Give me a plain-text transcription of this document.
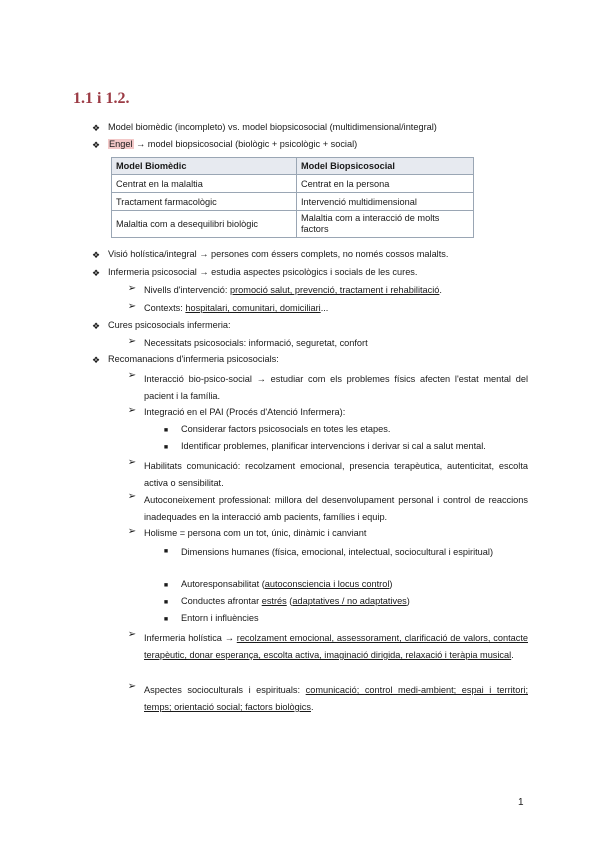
1.1 i 1.2.
❖ Model biomèdic (incompleto) vs. model biopsicosocial (multidimensional/integral)
❖ Engel → model biopsicosocial (biològic + psicològic + social)
Model Biomèdic	Model Biopsicosocial
Centrat en la malaltia	Centrat en la persona
Tractament farmacològic	Intervenció multidimensional
Malaltia com a desequilibri biològic	Malaltia com a interacció de molts factors
❖ Visió holística/integral → persones com éssers complets, no només cossos malalts.
❖ Infermeria psicosocial → estudia aspectes psicològics i socials de les cures.
➢ Nivells d'intervenció: promoció salut, prevenció, tractament i rehabilitació.
➢ Contexts: hospitalari, comunitari, domiciliari...
❖ Cures psicosocials infermeria:
➢ Necessitats psicosocials: informació, seguretat, confort
❖ Recomanacions d'infermeria psicosocials:
➢ Interacció bio-psico-social → estudiar com els problemes físics afecten l'estat mental del pacient i la família.
➢ Integració en el PAI (Procés d'Atenció Infermera):
■	Considerar factors psicosocials en totes les etapes.
■	Identificar problemes, planificar intervencions i derivar si cal a salut mental.
➢ Habilitats comunicació: recolzament emocional, presencia terapèutica, autenticitat, escolta activa o sensibilitat.
➢ Autoconeixement professional: millora del desenvolupament personal i control de reaccions inadequades en la interacció amb pacients, famílies i equip.
➢ Holisme = persona com un tot, únic, dinàmic i canviant
■	Dimensions humanes (física, emocional, intelectual, sociocultural i espiritual)
■	Autoresponsabilitat (autoconsciencia i locus control)
■	Conductes afrontar estrés (adaptatives / no adaptatives)
■	Entorn i influències
➢ Infermeria holística → recolzament emocional, assessorament, clarificació de valors, contacte terapèutic, donar esperança, escolta activa, imaginació dirigida, relaxació i teràpia musical.
➢ Aspectes socioculturals i espirituals: comunicació; control medi-ambient; espai i territori; temps; orientació social; factors biològics.
1
